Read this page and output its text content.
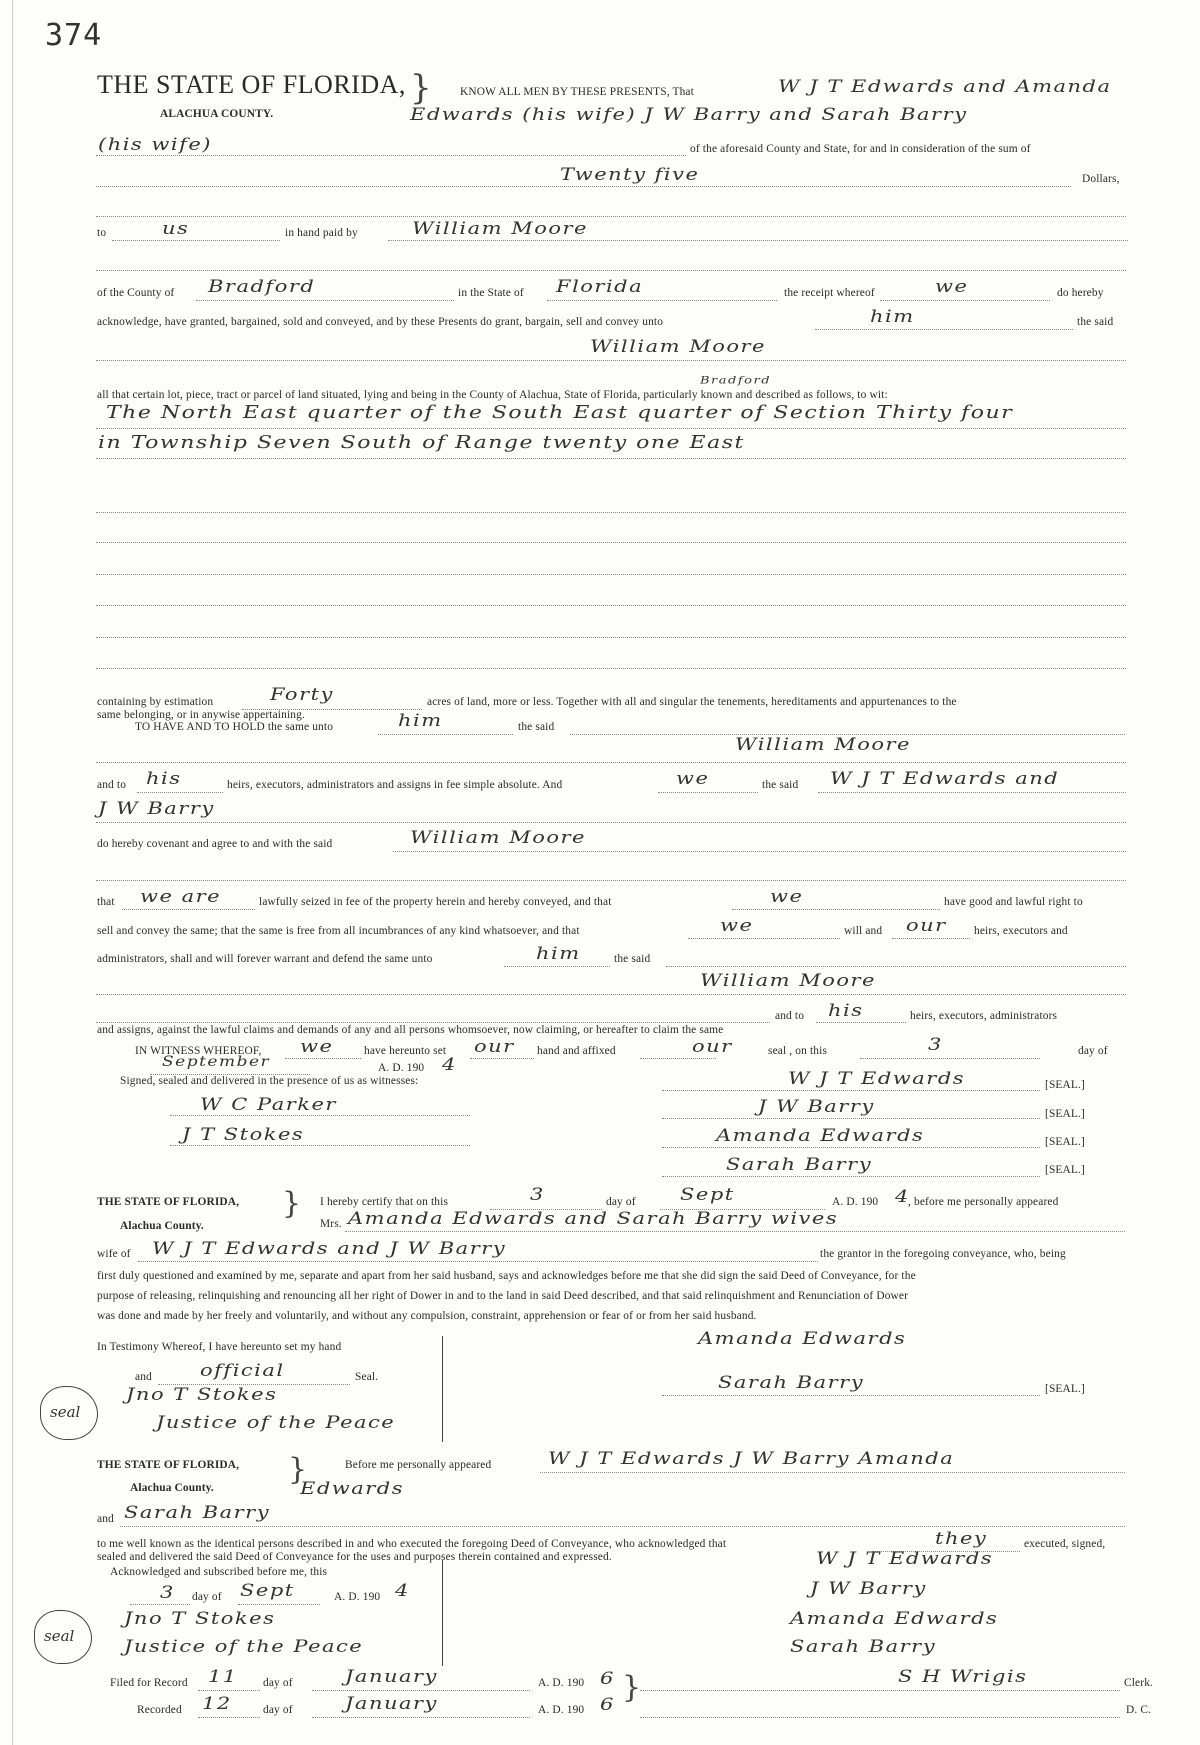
374
THE STATE OF FLORIDA, }
ALACHUA COUNTY.
KNOW ALL MEN BY THESE PRESENTS, That	W J T Edwards and Amanda
Edwards (his wife) J W Barry and Sarah Barry
(his wife)	of the aforesaid County and State, for and in consideration of the sum of
Twenty five	Dollars,
to	us	in hand paid by	William Moore
of the County of Bradford	in the State of Florida	the receipt whereof	we	do hereby
acknowledge, have granted, bargained, sold and conveyed, and by these Presents do grant, bargain, sell and convey unto	him	the said
William Moore
Bradford
all that certain lot, piece, tract or parcel of land situated, lying and being in the County of Alachua, State of Florida, particularly known and described as follows, to wit:
The North East quarter of the South East quarter of Section Thirty four
in Township Seven South of Range twenty one East
containing by estimation	Forty	acres of land, more or less. Together with all and singular the tenements, hereditaments and appurtenances to the
same belonging, or in anywise appertaining.
TO HAVE AND TO HOLD the same unto	him	the said
William Moore
and to his	heirs, executors, administrators and assigns in fee simple absolute. And	we	the said W J T Edwards and
J W Barry
do hereby covenant and agree to and with the said	William Moore
that we are	lawfully seized in fee of the property herein and hereby conveyed, and that	we	have good and lawful right to
sell and convey the same; that the same is free from all incumbrances of any kind whatsoever, and that	we	will and our heirs, executors and
administrators, shall and will forever warrant and defend the same unto	him	the said
William Moore
and to his	heirs, executors, administrators
and assigns, against the lawful claims and demands of any and all persons whomsoever, now claiming, or hereafter to claim the same
IN WITNESS WHEREOF, we	have hereunto set our hand and affixed	our	seal , on this	3	day of
September	A. D. 190 4
Signed, sealed and delivered in the presence of us as witnesses:
W C Parker
J T Stokes
W J T Edwards	[SEAL.]
J W Barry	[SEAL.]
Amanda Edwards	[SEAL.]
Sarah Barry	[SEAL.]
THE STATE OF FLORIDA, }
Alachua County.
I hereby certify that on this	3	day of Sept	A. D. 190 4
, before me personally appeared
Mrs. Amanda Edwards and Sarah Barry wives
wife of W J T Edwards and J W Barry	the grantor in the foregoing conveyance, who, being
first duly questioned and examined by me, separate and apart from her said husband, says and acknowledges before me that she did sign the said Deed of Conveyance, for the
purpose of releasing, relinquishing and renouncing all her right of Dower in and to the land in said Deed described, and that said relinquishment and Renunciation of Dower
was done and made by her freely and voluntarily, and without any compulsion, constraint, apprehension or fear of or from her said husband.
In Testimony Whereof, I have hereunto set my hand
and official	Seal.
Jno T Stokes
Justice of the Peace
seal
Amanda Edwards
Sarah Barry	[SEAL.]
THE STATE OF FLORIDA, }
Alachua County.
Before me personally appeared	W J T Edwards J W Barry Amanda
Edwards
and Sarah Barry
to me well known as the identical persons described in and who executed the foregoing Deed of Conveyance, who acknowledged that	they	executed, signed,
sealed and delivered the said Deed of Conveyance for the uses and purposes therein contained and expressed.
Acknowledged and subscribed before me, this
3 day of Sept	A. D. 190 4
Jno T Stokes
Justice of the Peace
seal
W J T Edwards
J W Barry
Amanda Edwards
Sarah Barry
Filed for Record 11 day of January	A. D. 190 6
Recorded 12	day of January	A. D. 190 6 }	S H Wrigis	Clerk.
D. C.
